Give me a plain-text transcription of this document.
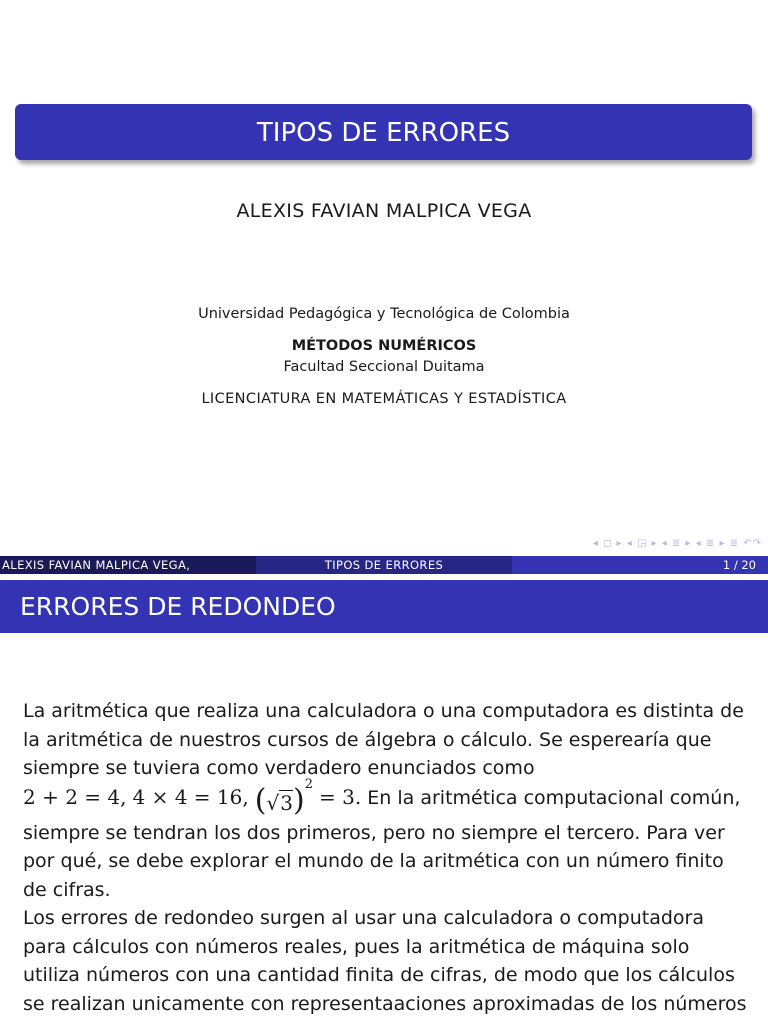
TIPOS DE ERRORES
ALEXIS FAVIAN MALPICA VEGA
Universidad Pedagógica y Tecnológica de Colombia
MÉTODOS NUMÉRICOS
Facultad Seccional Duitama
LICENCIATURA EN MATEMÁTICAS Y ESTADÍSTICA
◂ ◻ ▸ ◂ ◲ ▸ ◂ ≣ ▸ ◂ ≣ ▸ ≣ ↶↷
ALEXIS FAVIAN MALPICA VEGA,	TIPOS DE ERRORES	1 / 20
ERRORES DE REDONDEO

La aritmética que realiza una calculadora o una computadora es distinta de la aritmética de nuestros cursos de álgebra o cálculo. Se esperearía que siempre se tuviera como verdadero enunciados como
2 + 2 = 4, 4 × 4 = 16, $(√3)^2 = 3$. En la aritmética computacional común, siempre se tendran los dos primeros, pero no siempre el tercero. Para ver por qué, se debe explorar el mundo de la aritmética con un número finito de cifras.

Los errores de redondeo surgen al usar una calculadora o computadora para cálculos con números reales, pues la aritmética de máquina solo utiliza números con una cantidad finita de cifras, de modo que los cálculos se realizan unicamente con representaaciones aproximadas de los números
